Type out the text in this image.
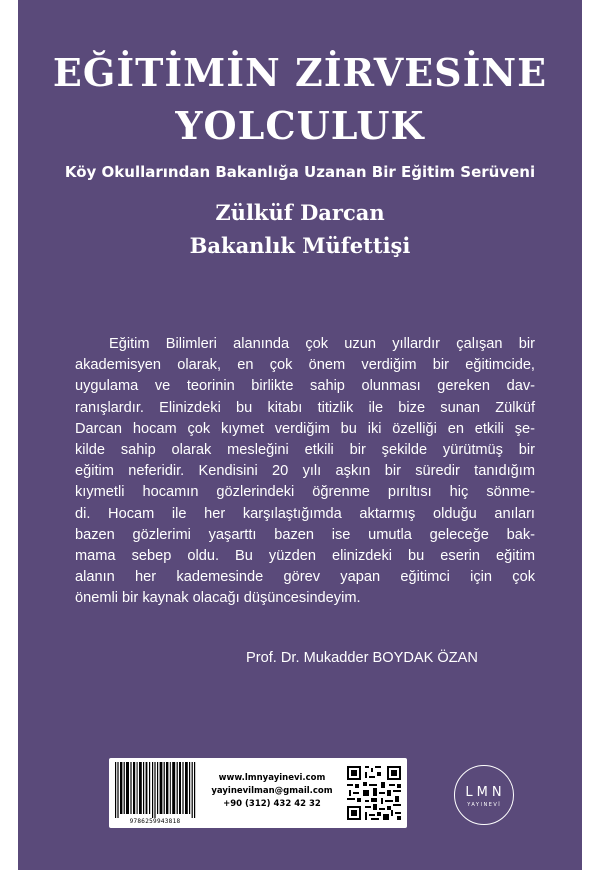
EĞİTİMİN ZİRVESİNE
YOLCULUK
Köy Okullarından Bakanlığa Uzanan Bir Eğitim Serüveni
Zülküf Darcan
Bakanlık Müfettişi
Eğitim Bilimleri alanında çok uzun yıllardır çalışan bir
akademisyen olarak, en çok önem verdiğim bir eğitimcide,
uygulama ve teorinin birlikte sahip olunması gereken dav-
ranışlardır. Elinizdeki bu kitabı titizlik ile bize sunan Zülküf
Darcan hocam çok kıymet verdiğim bu iki özelliği en etkili şe-
kilde sahip olarak mesleğini etkili bir şekilde yürütmüş bir
eğitim neferidir. Kendisini 20 yılı aşkın bir süredir tanıdığım
kıymetli hocamın gözlerindeki öğrenme pırıltısı hiç sönme-
di. Hocam ile her karşılaştığımda aktarmış olduğu anıları
bazen gözlerimi yaşarttı bazen ise umutla geleceğe bak-
mama sebep oldu. Bu yüzden elinizdeki bu eserin eğitim
alanın her kademesinde görev yapan eğitimci için çok
önemli bir kaynak olacağı düşüncesindeyim.
Prof. Dr. Mukadder BOYDAK ÖZAN
9786259943818
www.lmnyayinevi.com
yayinevilman@gmail.com
+90 (312) 432 42 32
LMN
YAYINEVİ
